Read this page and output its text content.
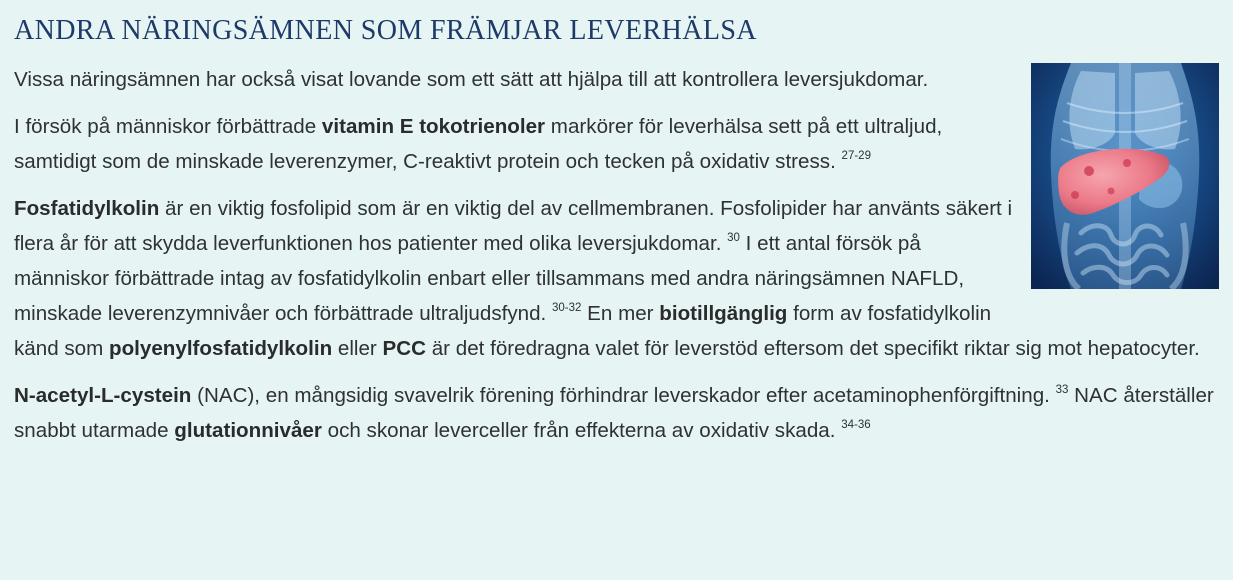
ANDRA NÄRINGSÄMNEN SOM FRÄMJAR LEVERHÄLSA

Vissa näringsämnen har också visat lovande som ett sätt att hjälpa till att kontrollera leversjukdomar.

I försök på människor förbättrade vitamin E tokotrienoler markörer för leverhälsa sett på ett ultraljud, samtidigt som de minskade leverenzymer, C-reaktivt protein och tecken på oxidativ stress. $^{27-29}$

Fosfatidylkolin är en viktig fosfolipid som är en viktig del av cellmembranen. Fosfolipider har använts säkert i flera år för att skydda leverfunktionen hos patienter med olika leversjukdomar. $^{30}$ I ett antal försök på människor förbättrade intag av fosfatidylkolin enbart eller tillsammans med andra näringsämnen NAFLD, minskade leverenzymnivåer och förbättrade ultraljudsfynd. $^{30-32}$ En mer biotillgänglig form av fosfatidylkolin känd som polyenylfosfatidylkolin eller PCC är det föredragna valet för leverstöd eftersom det specifikt riktar sig mot hepatocyter.

N-acetyl-L-cystein (NAC), en mångsidig svavelrik förening förhindrar leverskador efter acetaminophenförgiftning. $^{33}$ NAC återställer snabbt utarmade glutationnivåer och skonar leverceller från effekterna av oxidativ skada. $^{34-36}$
